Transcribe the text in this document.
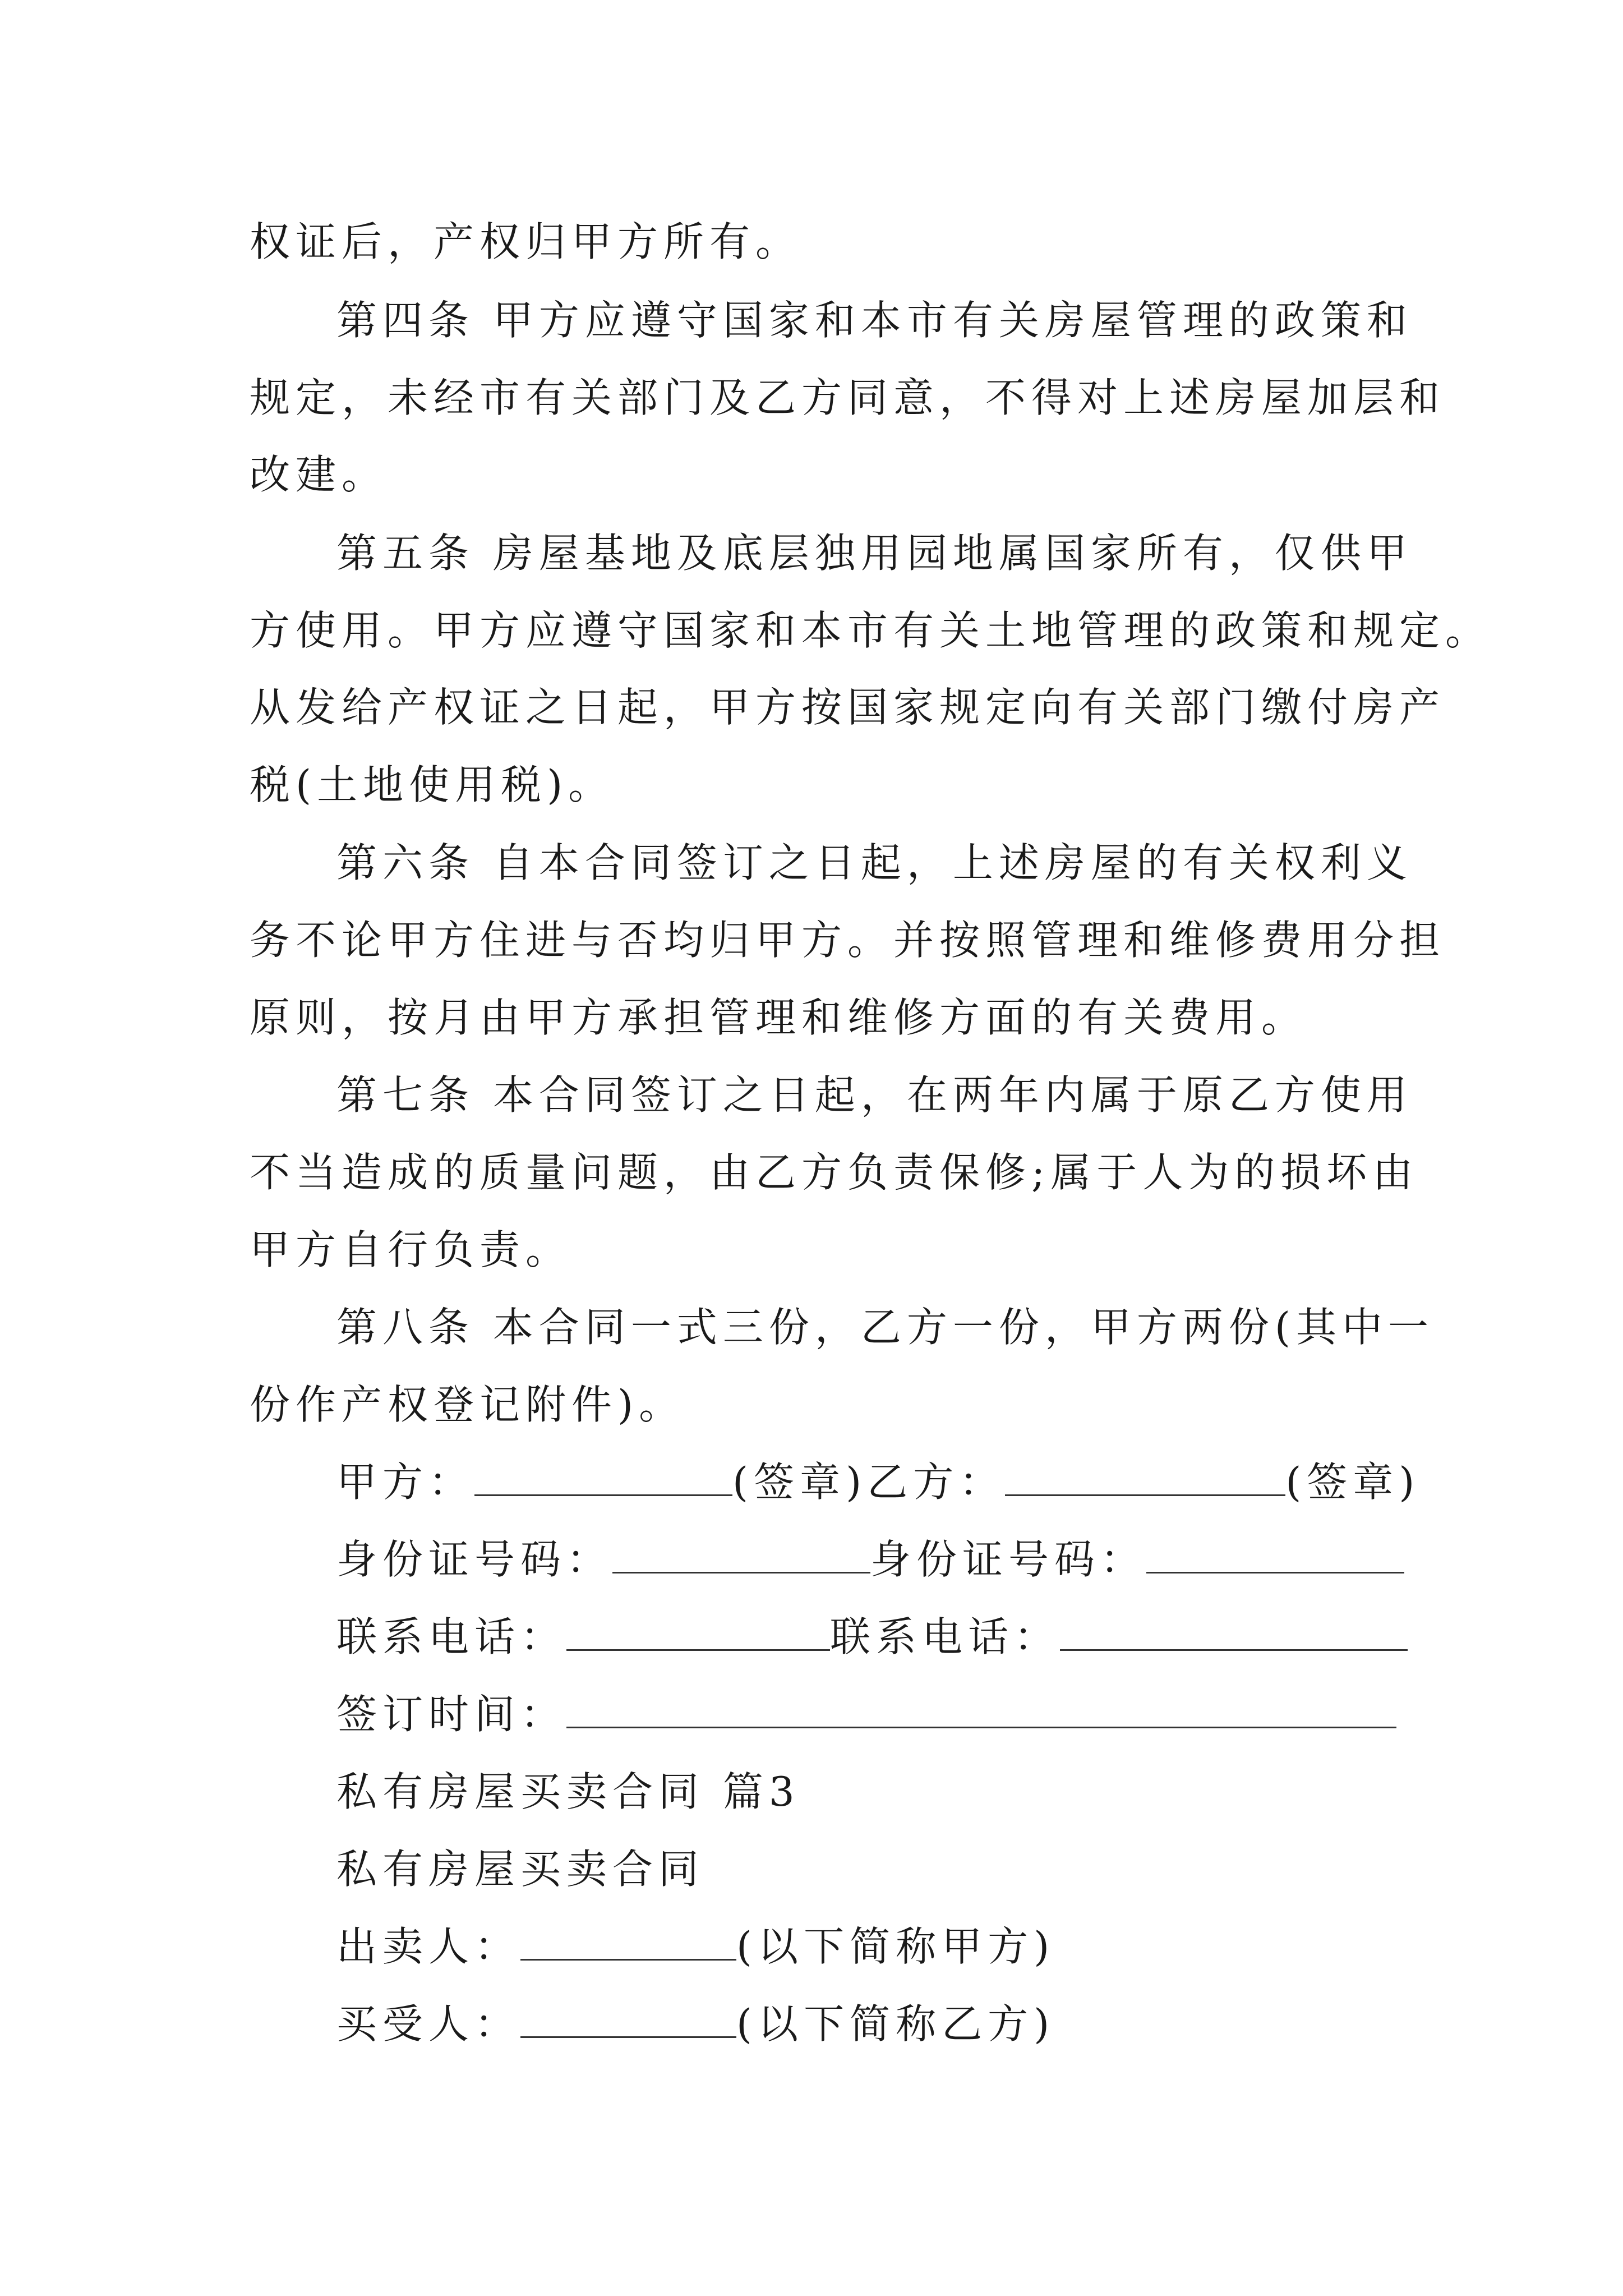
权证后，产权归甲方所有。
第四条 甲方应遵守国家和本市有关房屋管理的政策和
规定，未经市有关部门及乙方同意，不得对上述房屋加层和
改建。
第五条 房屋基地及底层独用园地属国家所有，仅供甲
方使用。甲方应遵守国家和本市有关土地管理的政策和规定。
从发给产权证之日起，甲方按国家规定向有关部门缴付房产
税(土地使用税)。
第六条 自本合同签订之日起，上述房屋的有关权利义
务不论甲方住进与否均归甲方。并按照管理和维修费用分担
原则，按月由甲方承担管理和维修方面的有关费用。
第七条 本合同签订之日起，在两年内属于原乙方使用
不当造成的质量问题，由乙方负责保修;属于人为的损坏由
甲方自行负责。
第八条 本合同一式三份，乙方一份，甲方两份(其中一
份作产权登记附件)。
甲方：	(签章)乙方：	(签章)
身份证号码：	身份证号码：
联系电话：	联系电话：
签订时间：
私有房屋买卖合同 篇3
私有房屋买卖合同
出卖人：	(以下简称甲方)
买受人：	(以下简称乙方)
